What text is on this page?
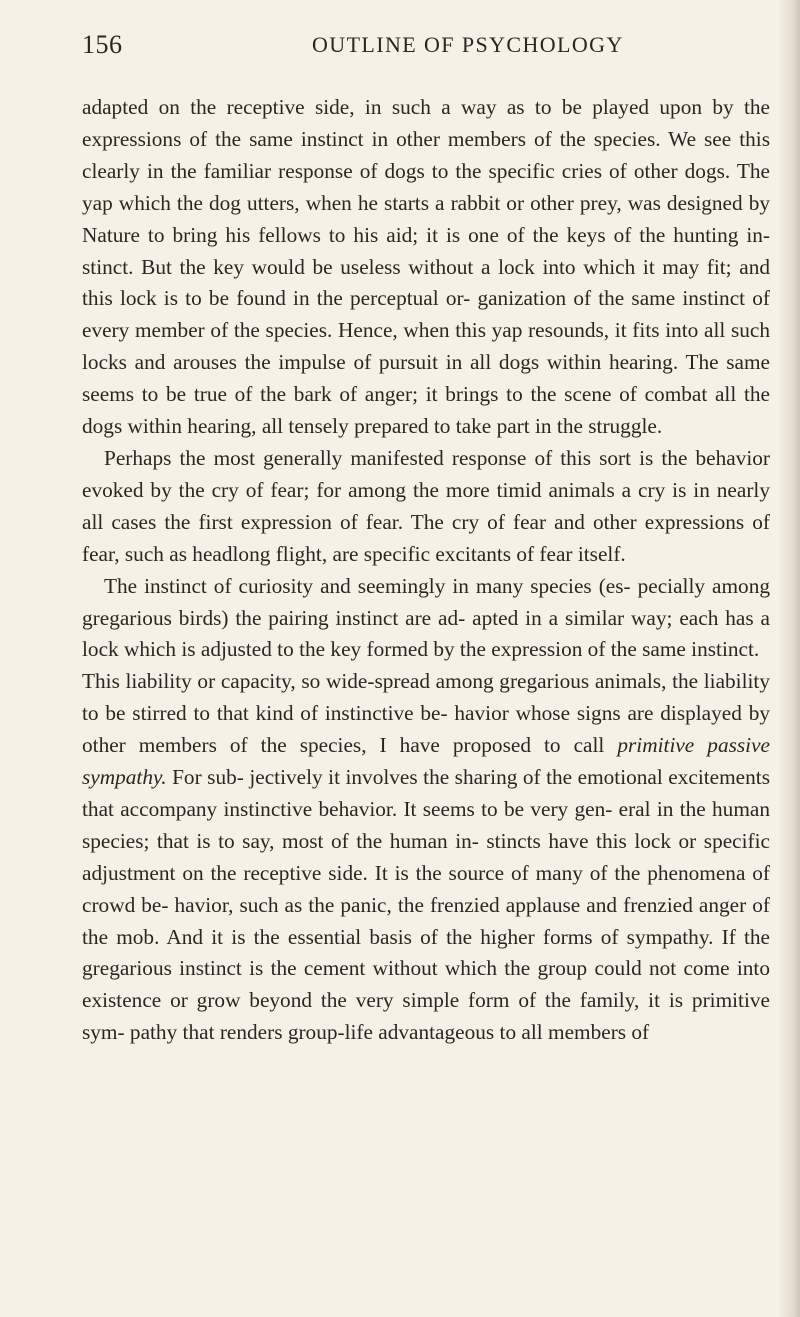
156	OUTLINE OF PSYCHOLOGY

adapted on the receptive side, in such a way as to be played upon by the expressions of the same instinct in other members of the species. We see this clearly in the familiar response of dogs to the specific cries of other dogs. The yap which the dog utters, when he starts a rabbit or other prey, was designed by Nature to bring his fellows to his aid; it is one of the keys of the hunting in- stinct. But the key would be useless without a lock into which it may fit; and this lock is to be found in the perceptual or- ganization of the same instinct of every member of the species. Hence, when this yap resounds, it fits into all such locks and arouses the impulse of pursuit in all dogs within hearing. The same seems to be true of the bark of anger; it brings to the scene of combat all the dogs within hearing, all tensely prepared to take part in the struggle.

Perhaps the most generally manifested response of this sort is the behavior evoked by the cry of fear; for among the more timid animals a cry is in nearly all cases the first expression of fear. The cry of fear and other expressions of fear, such as headlong flight, are specific excitants of fear itself.

The instinct of curiosity and seemingly in many species (es- pecially among gregarious birds) the pairing instinct are ad- apted in a similar way; each has a lock which is adjusted to the key formed by the expression of the same instinct.

This liability or capacity, so wide-spread among gregarious animals, the liability to be stirred to that kind of instinctive be- havior whose signs are displayed by other members of the species, I have proposed to call primitive passive sympathy. For sub- jectively it involves the sharing of the emotional excitements that accompany instinctive behavior. It seems to be very gen- eral in the human species; that is to say, most of the human in- stincts have this lock or specific adjustment on the receptive side. It is the source of many of the phenomena of crowd be- havior, such as the panic, the frenzied applause and frenzied anger of the mob. And it is the essential basis of the higher forms of sympathy. If the gregarious instinct is the cement without which the group could not come into existence or grow beyond the very simple form of the family, it is primitive sym- pathy that renders group-life advantageous to all members of
